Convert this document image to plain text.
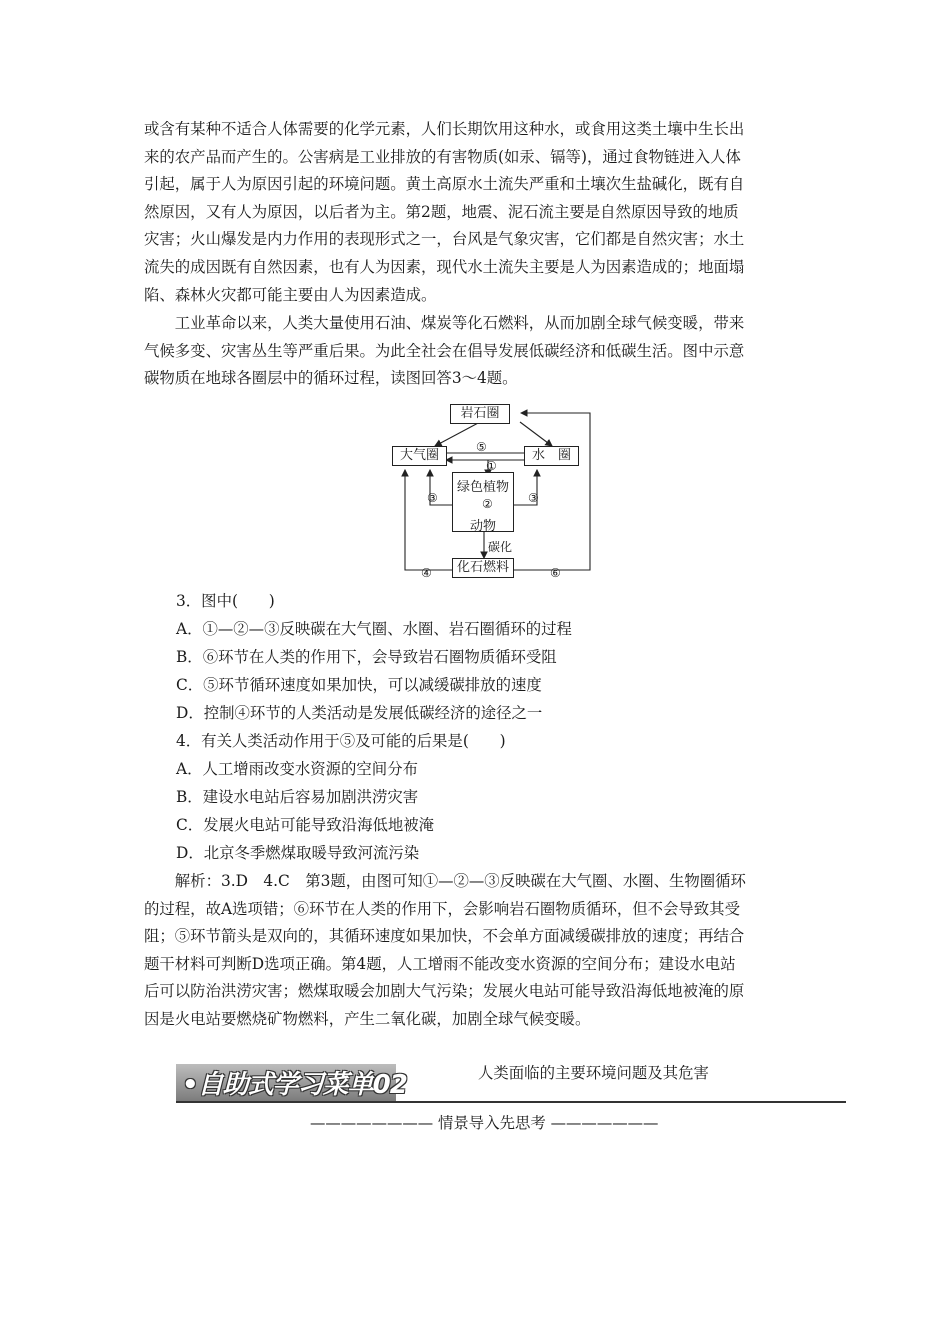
或含有某种不适合人体需要的化学元素，人们长期饮用这种水，或食用这类土壤中生长出
来的农产品而产生的。公害病是工业排放的有害物质(如汞、镉等)，通过食物链进入人体
引起，属于人为原因引起的环境问题。黄土高原水土流失严重和土壤次生盐碱化，既有自
然原因，又有人为原因，以后者为主。第2题，地震、泥石流主要是自然原因导致的地质
灾害；火山爆发是内力作用的表现形式之一，台风是气象灾害，它们都是自然灾害；水土
流失的成因既有自然因素，也有人为因素，现代水土流失主要是人为因素造成的；地面塌
陷、森林火灾都可能主要由人为因素造成。
　　工业革命以来，人类大量使用石油、煤炭等化石燃料，从而加剧全球气候变暖，带来
气候多变、灾害丛生等严重后果。为此全社会在倡导发展低碳经济和低碳生活。图中示意
碳物质在地球各圈层中的循环过程，读图回答3～4题。
岩石圈
大气圈	水　圈
绿色植物
动物
化石燃料
⑤
①
②
③	③
碳化
④	⑥
3．图中(　　)
A．①—②—③反映碳在大气圈、水圈、岩石圈循环的过程
B．⑥环节在人类的作用下，会导致岩石圈物质循环受阻
C．⑤环节循环速度如果加快，可以减缓碳排放的速度
D．控制④环节的人类活动是发展低碳经济的途径之一
4．有关人类活动作用于⑤及可能的后果是(　　)
A．人工增雨改变水资源的空间分布
B．建设水电站后容易加剧洪涝灾害
C．发展火电站可能导致沿海低地被淹
D．北京冬季燃煤取暖导致河流污染
　　解析：3.D　4.C　第3题，由图可知①—②—③反映碳在大气圈、水圈、生物圈循环
的过程，故A选项错；⑥环节在人类的作用下，会影响岩石圈物质循环，但不会导致其受
阻；⑤环节箭头是双向的，其循环速度如果加快，不会单方面减缓碳排放的速度；再结合
题干材料可判断D选项正确。第4题，人工增雨不能改变水资源的空间分布；建设水电站
后可以防治洪涝灾害；燃煤取暖会加剧大气污染；发展火电站可能导致沿海低地被淹的原
因是火电站要燃烧矿物燃料，产生二氧化碳，加剧全球气候变暖。
•自助式学习菜单02	人类面临的主要环境问题及其危害
———————— 情景导入先思考 ———————
